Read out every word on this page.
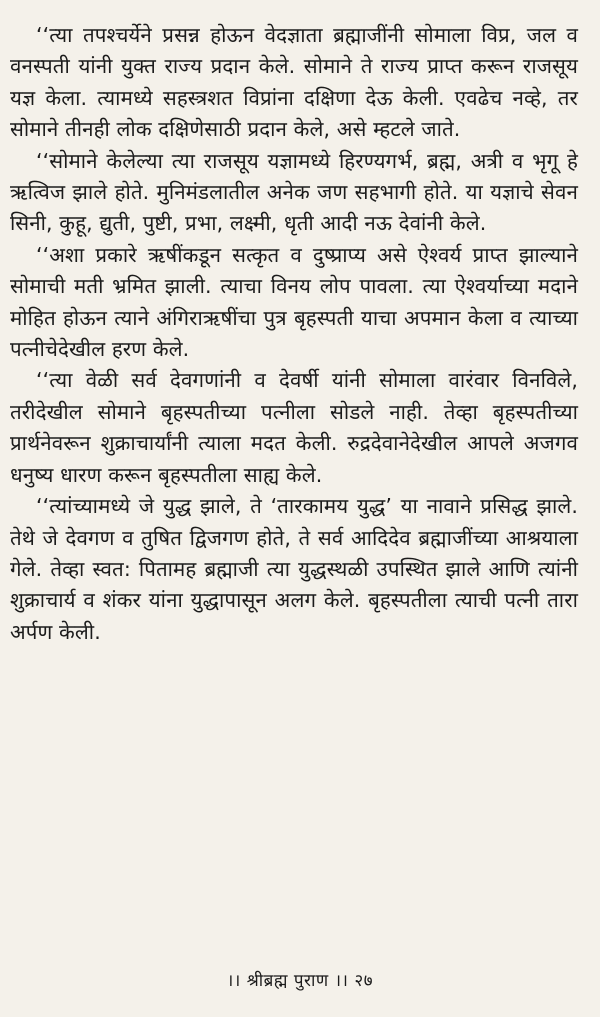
‘‘त्या तपश्चर्येने प्रसन्न होऊन वेदज्ञाता ब्रह्माजींनी सोमाला विप्र, जल व वनस्पती यांनी युक्त राज्य प्रदान केले. सोमाने ते राज्य प्राप्त करून राजसूय यज्ञ केला. त्यामध्ये सहस्त्रशत विप्रांना दक्षिणा देऊ केली. एवढेच नव्हे, तर सोमाने तीनही लोक दक्षिणेसाठी प्रदान केले, असे म्हटले जाते.

‘‘सोमाने केलेल्या त्या राजसूय यज्ञामध्ये हिरण्यगर्भ, ब्रह्म, अत्री व भृगू हे ऋत्विज झाले होते. मुनिमंडलातील अनेक जण सहभागी होते. या यज्ञाचे सेवन सिनी, कुहू, द्युती, पुष्टी, प्रभा, लक्ष्मी, धृती आदी नऊ देवांनी केले.

‘‘अशा प्रकारे ऋषींकडून सत्कृत व दुष्प्राप्य असे ऐश्वर्य प्राप्त झाल्याने सोमाची मती भ्रमित झाली. त्याचा विनय लोप पावला. त्या ऐश्वर्याच्या मदाने मोहित होऊन त्याने अंगिराऋषींचा पुत्र बृहस्पती याचा अपमान केला व त्याच्या पत्नीचेदेखील हरण केले.

‘‘त्या वेळी सर्व देवगणांनी व देवर्षी यांनी सोमाला वारंवार विनविले, तरीदेखील सोमाने बृहस्पतीच्या पत्नीला सोडले नाही. तेव्हा बृहस्पतीच्या प्रार्थनेवरून शुक्राचार्यांनी त्याला मदत केली. रुद्रदेवानेदेखील आपले अजगव धनुष्य धारण करून बृहस्पतीला साह्य केले.

‘‘त्यांच्यामध्ये जे युद्ध झाले, ते ‘तारकामय युद्ध’ या नावाने प्रसिद्ध झाले. तेथे जे देवगण व तुषित द्विजगण होते, ते सर्व आदिदेव ब्रह्माजींच्या आश्रयाला गेले. तेव्हा स्वत: पितामह ब्रह्माजी त्या युद्धस्थळी उपस्थित झाले आणि त्यांनी शुक्राचार्य व शंकर यांना युद्धापासून अलग केले. बृहस्पतीला त्याची पत्नी तारा अर्पण केली.

।। श्रीब्रह्म पुराण ।। २७
